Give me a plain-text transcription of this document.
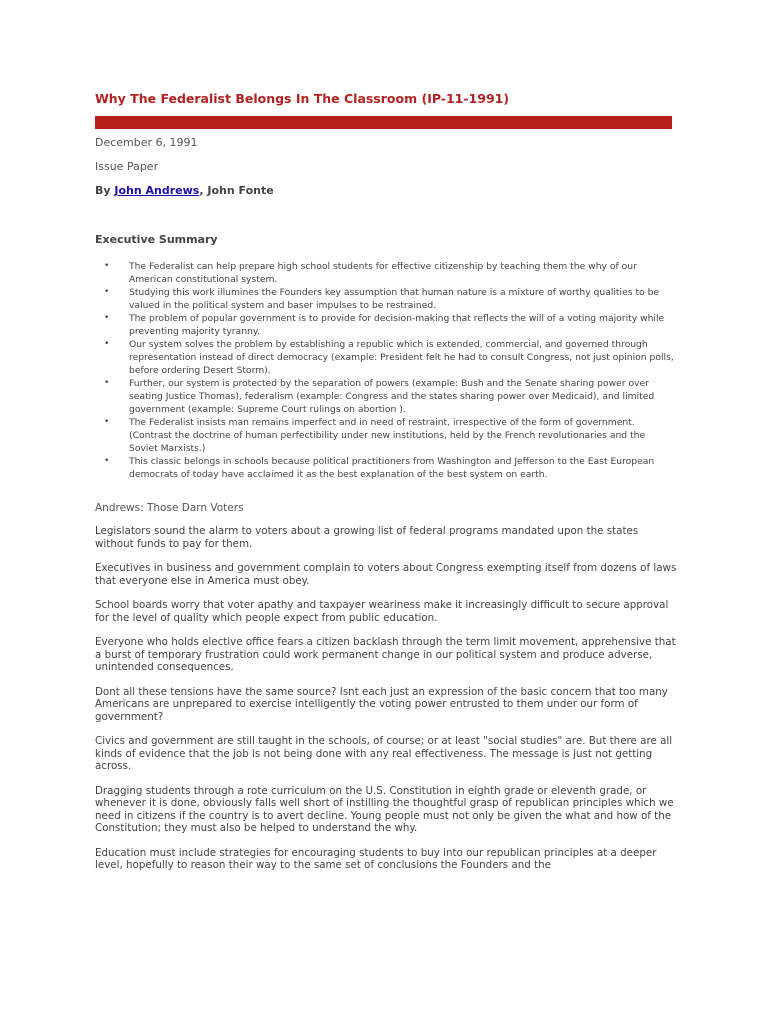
Why The Federalist Belongs In The Classroom (IP-11-1991)
December 6, 1991
Issue Paper
By John Andrews, John Fonte
Executive Summary
• The Federalist can help prepare high school students for effective citizenship by teaching them the why of our American constitutional system.
• Studying this work illumines the Founders key assumption that human nature is a mixture of worthy qualities to be valued in the political system and baser impulses to be restrained.
• The problem of popular government is to provide for decision-making that reflects the will of a voting majority while preventing majority tyranny.
• Our system solves the problem by establishing a republic which is extended, commercial, and governed through representation instead of direct democracy (example: President felt he had to consult Congress, not just opinion polls, before ordering Desert Storm).
• Further, our system is protected by the separation of powers (example: Bush and the Senate sharing power over seating Justice Thomas), federalism (example: Congress and the states sharing power over Medicaid), and limited government (example: Supreme Court rulings on abortion ).
• The Federalist insists man remains imperfect and in need of restraint, irrespective of the form of government. (Contrast the doctrine of human perfectibility under new institutions, held by the French revolutionaries and the Soviet Marxists.)
• This classic belongs in schools because political practitioners from Washington and Jefferson to the East European democrats of today have acclaimed it as the best explanation of the best system on earth.
Andrews: Those Darn Voters

Legislators sound the alarm to voters about a growing list of federal programs mandated upon the states without funds to pay for them.

Executives in business and government complain to voters about Congress exempting itself from dozens of laws that everyone else in America must obey.

School boards worry that voter apathy and taxpayer weariness make it increasingly difficult to secure approval for the level of quality which people expect from public education.

Everyone who holds elective office fears a citizen backlash through the term limit movement, apprehensive that a burst of temporary frustration could work permanent change in our political system and produce adverse, unintended consequences.

Dont all these tensions have the same source? Isnt each just an expression of the basic concern that too many Americans are unprepared to exercise intelligently the voting power entrusted to them under our form of government?

Civics and government are still taught in the schools, of course; or at least "social studies" are. But there are all kinds of evidence that the job is not being done with any real effectiveness. The message is just not getting across.

Dragging students through a rote curriculum on the U.S. Constitution in eighth grade or eleventh grade, or whenever it is done, obviously falls well short of instilling the thoughtful grasp of republican principles which we need in citizens if the country is to avert decline. Young people must not only be given the what and how of the Constitution; they must also be helped to understand the why.

Education must include strategies for encouraging students to buy into our republican principles at a deeper level, hopefully to reason their way to the same set of conclusions the Founders and the
